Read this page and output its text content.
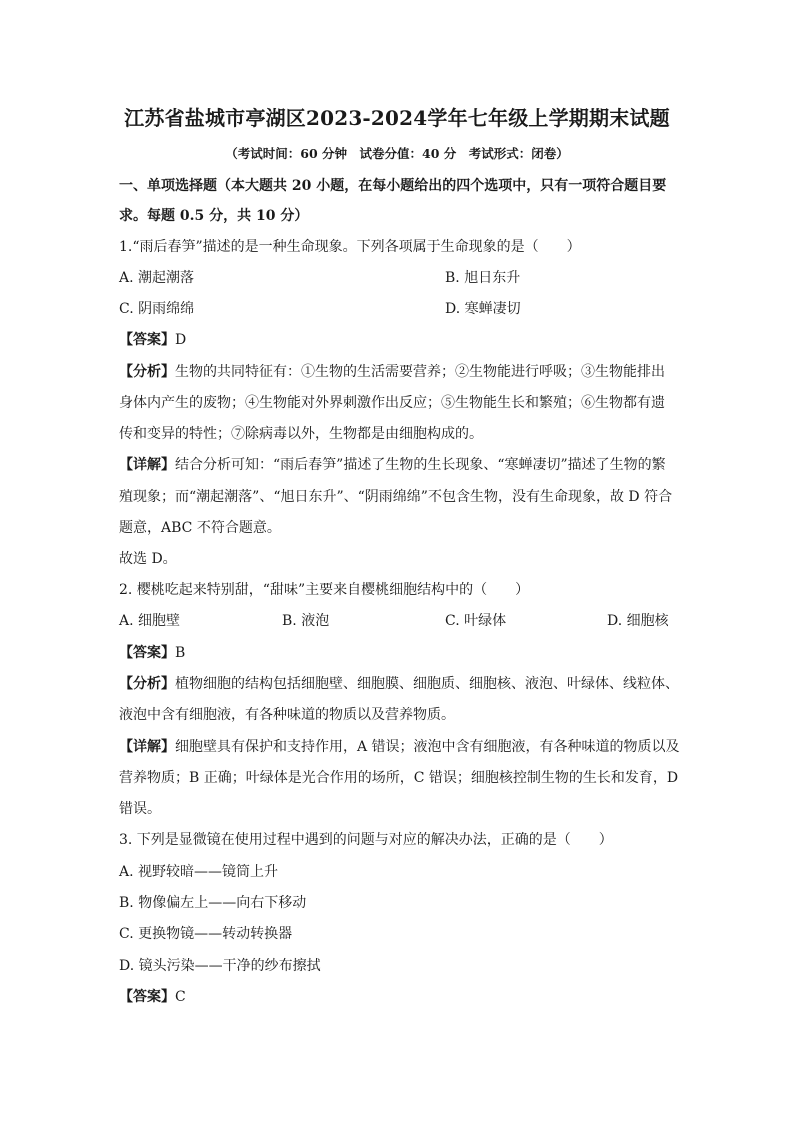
江苏省盐城市亭湖区2023-2024学年七年级上学期期末试题
（考试时间：60 分钟　试卷分值：40 分　考试形式：闭卷）
一、单项选择题（本大题共 20 小题，在每小题给出的四个选项中，只有一项符合题目要
求。每题 0.5 分，共 10 分）
1.“雨后春笋”描述的是一种生命现象。下列各项属于生命现象的是（　　）
A. 潮起潮落	B. 旭日东升
C. 阴雨绵绵	D. 寒蝉凄切
【答案】D
【分析】生物的共同特征有：①生物的生活需要营养；②生物能进行呼吸；③生物能排出
身体内产生的废物；④生物能对外界刺激作出反应；⑤生物能生长和繁殖；⑥生物都有遗
传和变异的特性；⑦除病毒以外，生物都是由细胞构成的。
【详解】结合分析可知：“雨后春笋”描述了生物的生长现象、“寒蝉凄切”描述了生物的繁
殖现象；而“潮起潮落”、“旭日东升”、“阴雨绵绵”不包含生物，没有生命现象，故 D 符合
题意，ABC 不符合题意。
故选 D。
2. 樱桃吃起来特别甜，“甜味”主要来自樱桃细胞结构中的（　　）
A. 细胞壁	B. 液泡	C. 叶绿体	D. 细胞核
【答案】B
【分析】植物细胞的结构包括细胞壁、细胞膜、细胞质、细胞核、液泡、叶绿体、线粒体、
液泡中含有细胞液，有各种味道的物质以及营养物质。
【详解】细胞壁具有保护和支持作用，A 错误；液泡中含有细胞液，有各种味道的物质以及
营养物质；B 正确；叶绿体是光合作用的场所，C 错误；细胞核控制生物的生长和发育，D
错误。
3. 下列是显微镜在使用过程中遇到的问题与对应的解决办法，正确的是（　　）
A. 视野较暗——镜筒上升
B. 物像偏左上——向右下移动
C. 更换物镜——转动转换器
D. 镜头污染——干净的纱布擦拭
【答案】C
